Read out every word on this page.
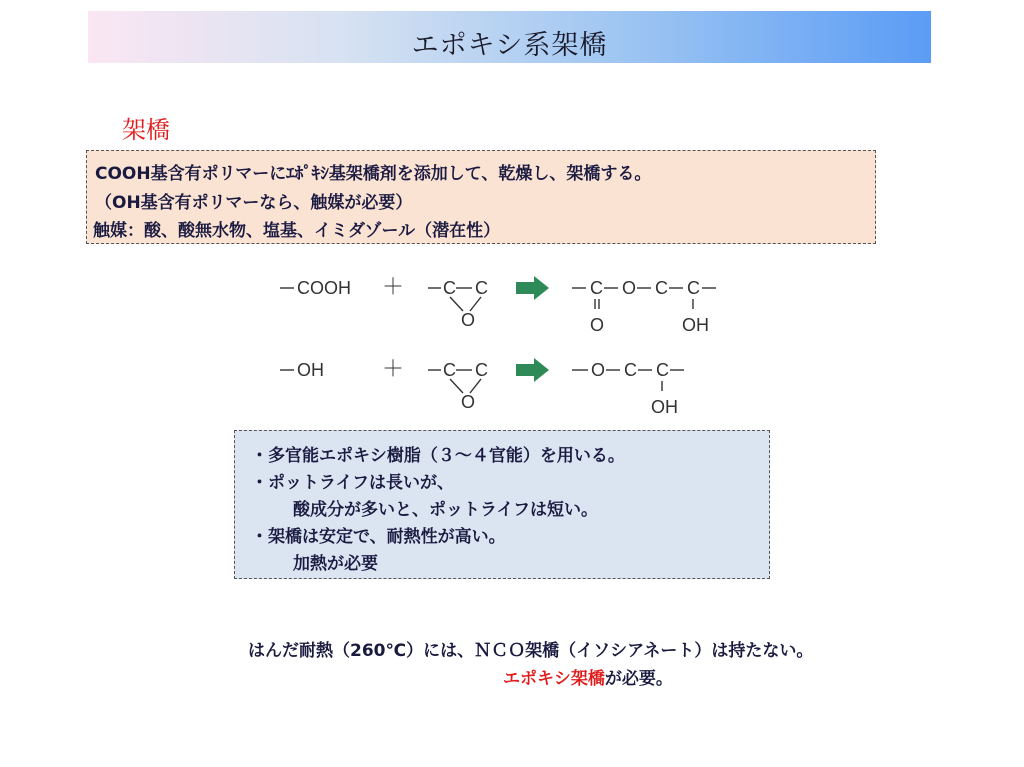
エポキシ系架橋
架橋
COOH基含有ポリマーにｴﾎﾟｷｼ基架橋剤を添加して、乾燥し、架橋する。
（OH基含有ポリマーなら、触媒が必要）
触媒：酸、酸無水物、塩基、イミダゾール（潜在性）
COOH ＋ C C
O
C O C C
O	OH
OH	＋ C C
O
O C C
OH
・多官能エポキシ樹脂（３～４官能）を用いる。
・ポットライフは長いが、
酸成分が多いと、ポットライフは短い。
・架橋は安定で、耐熱性が高い。
加熱が必要
はんだ耐熱（260℃）には、ＮＣＯ架橋（イソシアネート）は持たない。
エポキシ架橋が必要。
